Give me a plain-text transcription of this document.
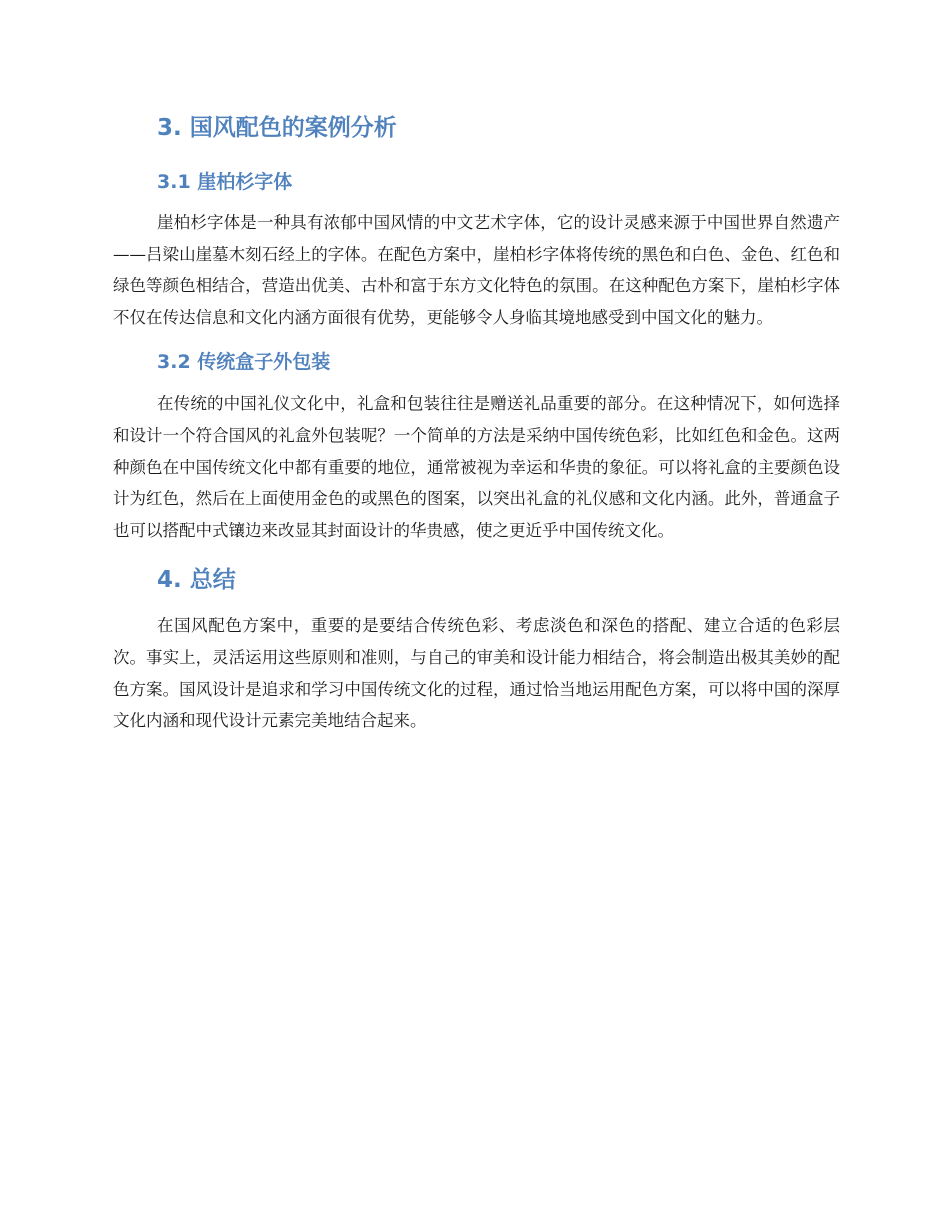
3. 国风配色的案例分析
3.1 崖柏杉字体

崖柏杉字体是一种具有浓郁中国风情的中文艺术字体，它的设计灵感来源于中国世界自然遗产——吕梁山崖墓木刻石经上的字体。在配色方案中，崖柏杉字体将传统的黑色和白色、金色、红色和绿色等颜色相结合，营造出优美、古朴和富于东方文化特色的氛围。在这种配色方案下，崖柏杉字体不仅在传达信息和文化内涵方面很有优势，更能够令人身临其境地感受到中国文化的魅力。

3.2 传统盒子外包装

在传统的中国礼仪文化中，礼盒和包装往往是赠送礼品重要的部分。在这种情况下，如何选择和设计一个符合国风的礼盒外包装呢？一个简单的方法是采纳中国传统色彩，比如红色和金色。这两种颜色在中国传统文化中都有重要的地位，通常被视为幸运和华贵的象征。可以将礼盒的主要颜色设计为红色，然后在上面使用金色的或黑色的图案，以突出礼盒的礼仪感和文化内涵。此外，普通盒子也可以搭配中式镶边来改显其封面设计的华贵感，使之更近乎中国传统文化。

4. 总结

在国风配色方案中，重要的是要结合传统色彩、考虑淡色和深色的搭配、建立合适的色彩层次。事实上，灵活运用这些原则和准则，与自己的审美和设计能力相结合，将会制造出极其美妙的配色方案。国风设计是追求和学习中国传统文化的过程，通过恰当地运用配色方案，可以将中国的深厚文化内涵和现代设计元素完美地结合起来。
